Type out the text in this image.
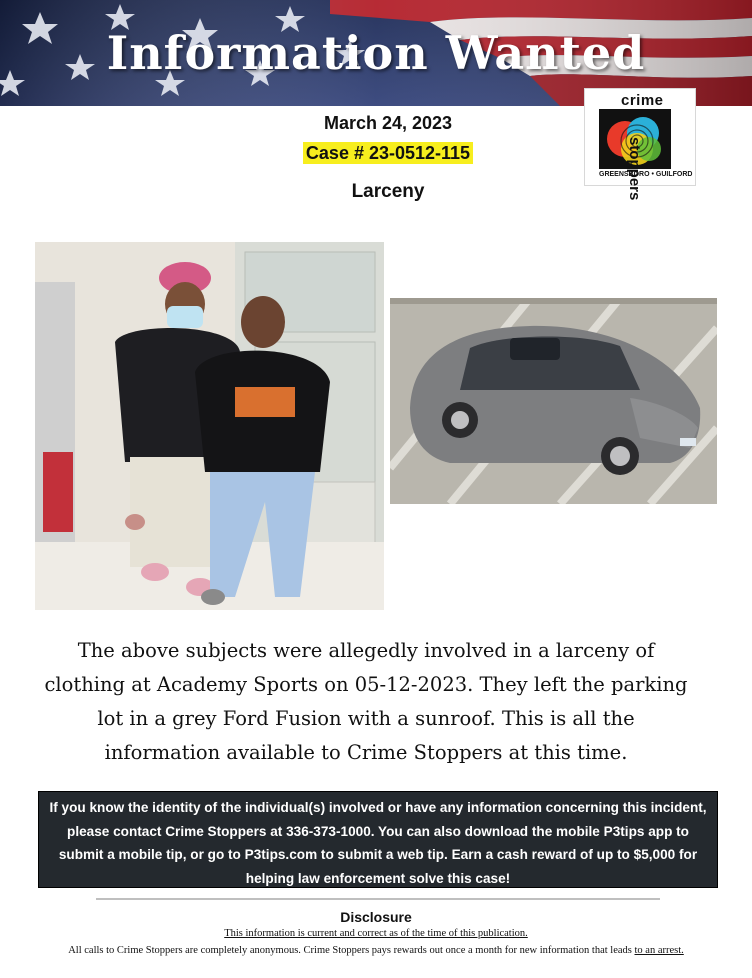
Information Wanted
crime
stoppers
GREENSBORO • GUILFORD
March 24, 2023
Case # 23-0512-115
Larceny
The above subjects were allegedly involved in a larceny of clothing at Academy Sports on 05-12-2023. They left the parking lot in a grey Ford Fusion with a sunroof. This is all the information available to Crime Stoppers at this time.
If you know the identity of the individual(s) involved or have any information concerning this incident, please contact Crime Stoppers at 336-373-1000. You can also download the mobile P3tips app to submit a mobile tip, or go to P3tips.com to submit a web tip. Earn a cash reward of up to $5,000 for helping law enforcement solve this case!
Disclosure
This information is current and correct as of the time of this publication.
All calls to Crime Stoppers are completely anonymous. Crime Stoppers pays rewards out once a month for new information that leads to an arrest.
